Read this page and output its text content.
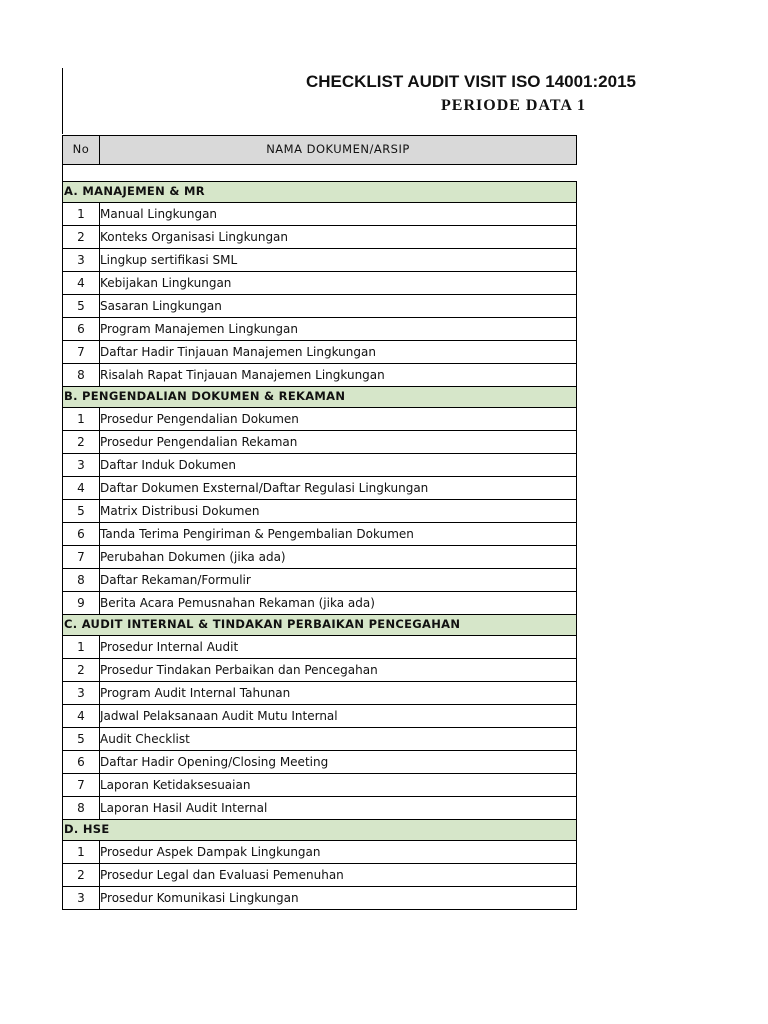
CHECKLIST AUDIT VISIT ISO 14001:2015
PERIODE DATA 1
No	NAMA DOKUMEN/ARSIP

A. MANAJEMEN & MR	
1	Manual Lingkungan
2	Konteks Organisasi Lingkungan
3	Lingkup sertifikasi SML
4	Kebijakan Lingkungan
5	Sasaran Lingkungan
6	Program Manajemen Lingkungan
7	Daftar Hadir Tinjauan Manajemen Lingkungan
8	Risalah Rapat Tinjauan Manajemen Lingkungan
B. PENGENDALIAN DOKUMEN & REKAMAN	
1	Prosedur Pengendalian Dokumen
2	Prosedur Pengendalian Rekaman
3	Daftar Induk Dokumen
4	Daftar Dokumen Exsternal/Daftar Regulasi Lingkungan
5	Matrix Distribusi Dokumen
6	Tanda Terima Pengiriman & Pengembalian Dokumen
7	Perubahan Dokumen (jika ada)
8	Daftar Rekaman/Formulir
9	Berita Acara Pemusnahan Rekaman (jika ada)
C. AUDIT INTERNAL & TINDAKAN PERBAIKAN PENCEGAHAN	
1	Prosedur Internal Audit
2	Prosedur Tindakan Perbaikan dan Pencegahan
3	Program Audit Internal Tahunan
4	Jadwal Pelaksanaan Audit Mutu Internal
5	Audit Checklist
6	Daftar Hadir Opening/Closing Meeting
7	Laporan Ketidaksesuaian
8	Laporan Hasil Audit Internal
D. HSE	
1	Prosedur Aspek Dampak Lingkungan
2	Prosedur Legal dan Evaluasi Pemenuhan
3	Prosedur Komunikasi Lingkungan
